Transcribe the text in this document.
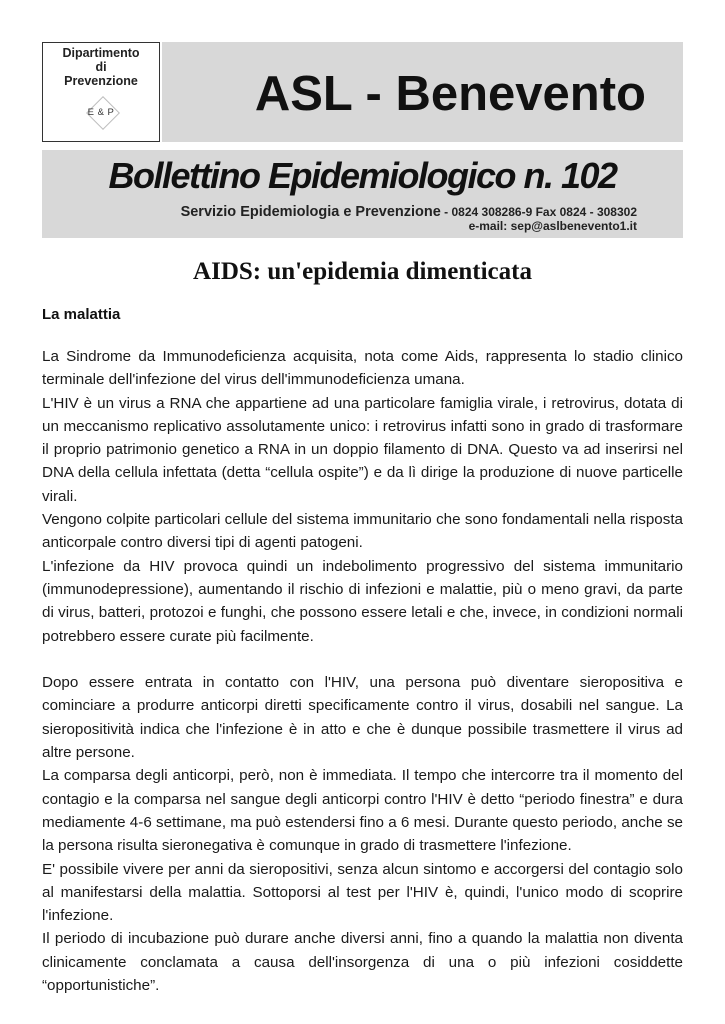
Dipartimento
di
Prevenzione
E & P	ASL - Benevento
Bollettino Epidemiologico n. 102
Servizio Epidemiologia e Prevenzione - 0824 308286-9 Fax 0824 - 308302
e-mail: sep@aslbenevento1.it
AIDS: un'epidemia dimenticata
La malattia

La Sindrome da Immunodeficienza acquisita, nota come Aids, rappresenta lo stadio clinico terminale dell'infezione del virus dell'immunodeficienza umana.

L'HIV è un virus a RNA che appartiene ad una particolare famiglia virale, i retrovirus, dotata di un meccanismo replicativo assolutamente unico: i retrovirus infatti sono in grado di trasformare il proprio patrimonio genetico a RNA in un doppio filamento di DNA. Questo va ad inserirsi nel DNA della cellula infettata (detta “cellula ospite”) e da lì dirige la produzione di nuove particelle virali.

Vengono colpite particolari cellule del sistema immunitario che sono fondamentali nella risposta anticorpale contro diversi tipi di agenti patogeni.

L'infezione da HIV provoca quindi un indebolimento progressivo del sistema immunitario (immunodepressione), aumentando il rischio di infezioni e malattie, più o meno gravi, da parte di virus, batteri, protozoi e funghi, che possono essere letali e che, invece, in condizioni normali potrebbero essere curate più facilmente.

Dopo essere entrata in contatto con l'HIV, una persona può diventare sieropositiva e cominciare a produrre anticorpi diretti specificamente contro il virus, dosabili nel sangue. La sieropositività indica che l'infezione è in atto e che è dunque possibile trasmettere il virus ad altre persone.

La comparsa degli anticorpi, però, non è immediata. Il tempo che intercorre tra il momento del contagio e la comparsa nel sangue degli anticorpi contro l'HIV è detto “periodo finestra” e dura mediamente 4-6 settimane, ma può estendersi fino a 6 mesi. Durante questo periodo, anche se la persona risulta sieronegativa è comunque in grado di trasmettere l'infezione.

E' possibile vivere per anni da sieropositivi, senza alcun sintomo e accorgersi del contagio solo al manifestarsi della malattia. Sottoporsi al test per l'HIV è, quindi, l'unico modo di scoprire l'infezione.

Il periodo di incubazione può durare anche diversi anni, fino a quando la malattia non diventa clinicamente conclamata a causa dell'insorgenza di una o più infezioni cosiddette “opportunistiche”.
